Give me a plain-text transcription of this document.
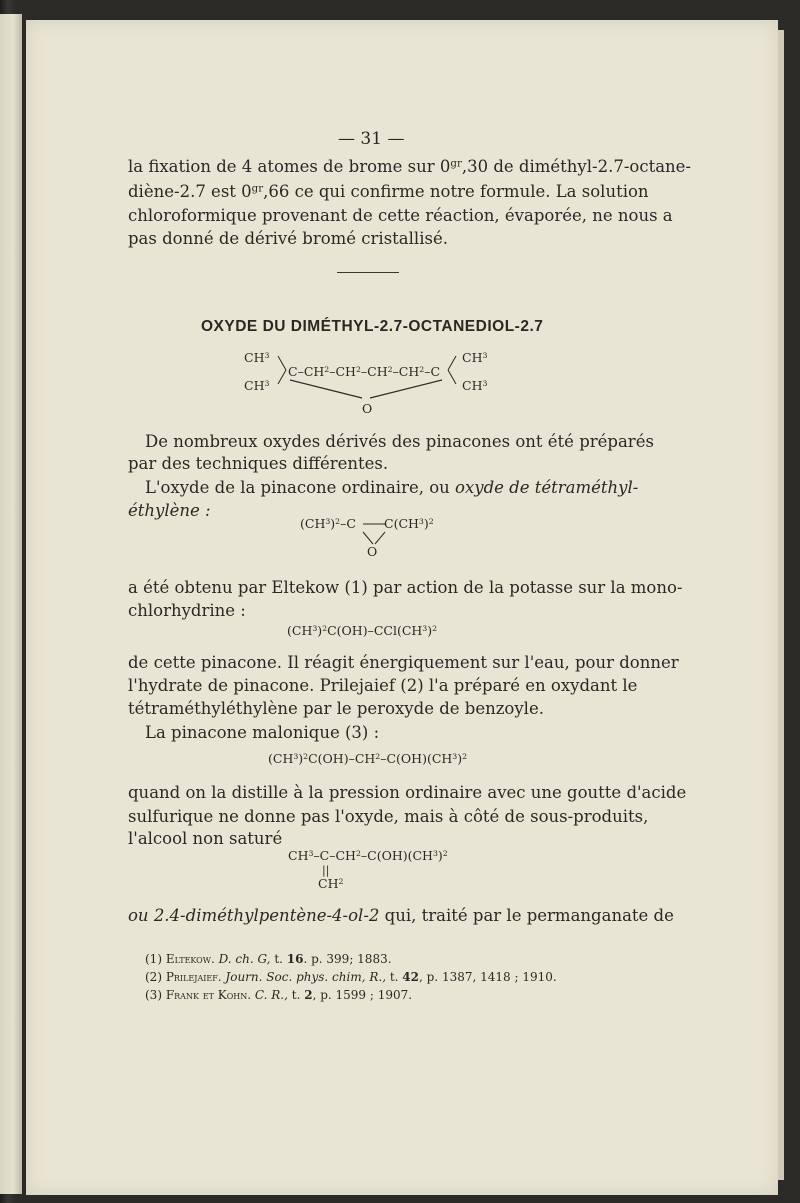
— 31 —
la fixation de 4 atomes de brome sur $0^{gr},30$ de diméthyl-2.7-octane-
diène-2.7 est $0^{gr},66$ ce qui confirme notre formule. La solution
chloroformique provenant de cette réaction, évaporée, ne nous a
pas donné de dérivé bromé cristallisé.
OXYDE DU DIMÉTHYL-2.7-OCTANEDIOL-2.7
$CH^3$
$CH^3$
$C-CH^2-CH^2-CH^2-CH^2-C$
$CH^3$
$CH^3$
O
De nombreux oxydes dérivés des pinacones ont été préparés
par des techniques différentes.
L'oxyde de la pinacone ordinaire, ou oxyde de tétraméthyl-
éthylène :
$(CH^3)^2-C$ $C(CH^3)^2$
O
a été obtenu par Eltekow (1) par action de la potasse sur la mono-
chlorhydrine :
$(CH^3)^2C(OH)-CCl(CH^3)^2$
de cette pinacone. Il réagit énergiquement sur l'eau, pour donner
l'hydrate de pinacone. Prilejaief (2) l'a préparé en oxydant le
tétraméthyléthylène par le peroxyde de benzoyle.
La pinacone malonique (3) :
$(CH^3)^2C(OH)-CH^2-C(OH)(CH^3)^2$
quand on la distille à la pression ordinaire avec une goutte d'acide
sulfurique ne donne pas l'oxyde, mais à côté de sous-produits,
l'alcool non saturé
$CH^3-C-CH^2-C(OH)(CH^3)^2$
||
$CH^2$
ou 2.4-diméthylpentène-4-ol-2 qui, traité par le permanganate de
(1) Eltekow. D. ch. G, t. 16. p. 399; 1883.
(2) Prilejaief. Journ. Soc. phys. chim, R., t. 42, p. 1387, 1418 ; 1910.
(3) Frank et Kohn. C. R., t. 2, p. 1599 ; 1907.
